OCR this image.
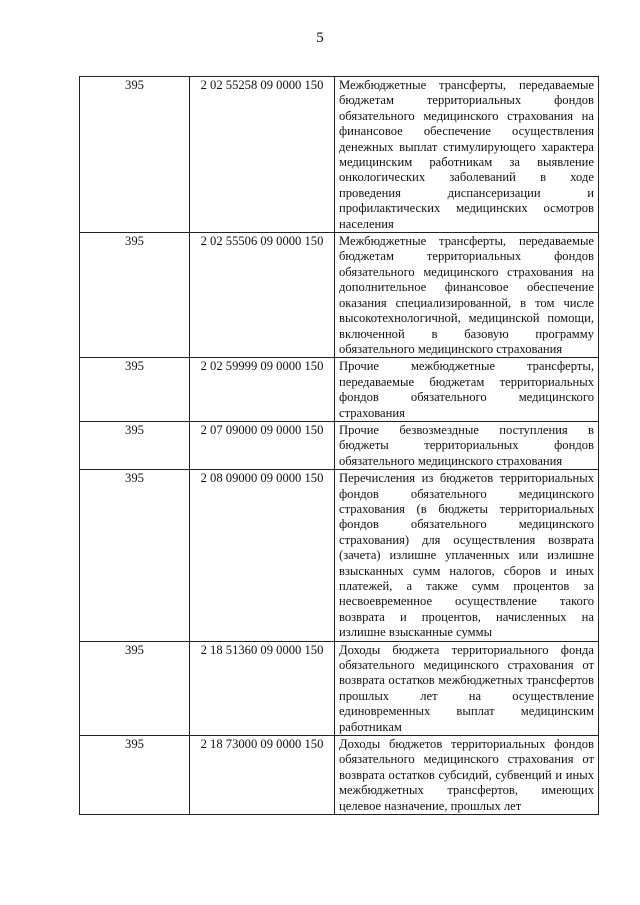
5
395	2 02 55258 09 0000 150	Межбюджетные трансферты, передаваемые бюджетам территориальных фондов обязательного медицинского страхования на финансовое обеспечение осуществления денежных выплат стимулирующего характера медицинским работникам за выявление онкологических заболеваний в ходе проведения диспансеризации и профилактических медицинских осмотров населения
395	2 02 55506 09 0000 150	Межбюджетные трансферты, передаваемые бюджетам территориальных фондов обязательного медицинского страхования на дополнительное финансовое обеспечение оказания специализированной, в том числе высокотехнологичной, медицинской помощи, включенной в базовую программу обязательного медицинского страхования
395	2 02 59999 09 0000 150	Прочие межбюджетные трансферты, передаваемые бюджетам территориальных фондов обязательного медицинского страхования
395	2 07 09000 09 0000 150	Прочие безвозмездные поступления в бюджеты территориальных фондов обязательного медицинского страхования
395	2 08 09000 09 0000 150	Перечисления из бюджетов территориальных фондов обязательного медицинского страхования (в бюджеты территориальных фондов обязательного медицинского страхования) для осуществления возврата (зачета) излишне уплаченных или излишне взысканных сумм налогов, сборов и иных платежей, а также сумм процентов за несвоевременное осуществление такого возврата и процентов, начисленных на излишне взысканные суммы
395	2 18 51360 09 0000 150	Доходы бюджета территориального фонда обязательного медицинского страхования от возврата остатков межбюджетных трансфертов прошлых лет на осуществление единовременных выплат медицинским работникам
395	2 18 73000 09 0000 150	Доходы бюджетов территориальных фондов обязательного медицинского страхования от возврата остатков субсидий, субвенций и иных межбюджетных трансфертов, имеющих целевое назначение, прошлых лет
